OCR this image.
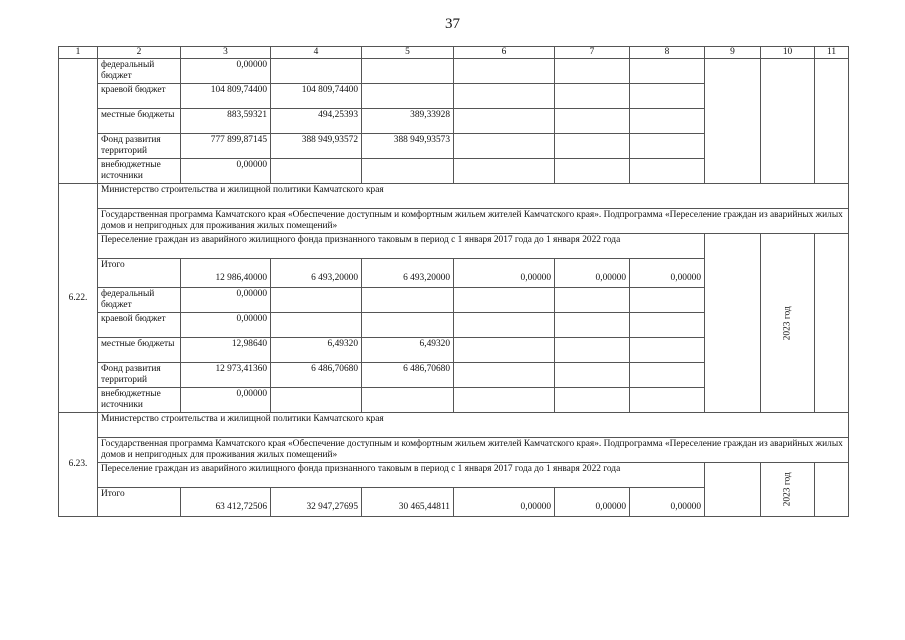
37
1	2	3	4	5	6	7	8	9	10	11
	федеральный бюджет	0,00000								
	краевой бюджет	104 809,74400	104 809,74400							
	местные бюджеты	883,59321	494,25393	389,33928						
	Фонд развития территорий	777 899,87145	388 949,93572	388 949,93573						
	внебюджетные источники	0,00000								
6.22.	Министерство строительства и жилищной политики Камчатского края									
	Государственная программа Камчатского края «Обеспечение доступным и комфортным жильем жителей Камчатского края». Подпрограмма «Переселение граждан из аварийных жилых домов и непригодных для проживания жилых помещений»									
	Переселение граждан из аварийного жилищного фонда признанного таковым в период с 1 января 2017 года до 1 января 2022 года								2023 год	
	Итого	12 986,40000	6 493,20000	6 493,20000	0,00000	0,00000	0,00000			
	федеральный бюджет	0,00000								
	краевой бюджет	0,00000								
	местные бюджеты	12,98640	6,49320	6,49320						
	Фонд развития территорий	12 973,41360	6 486,70680	6 486,70680						
	внебюджетные источники	0,00000								
6.23.	Министерство строительства и жилищной политики Камчатского края									
	Государственная программа Камчатского края «Обеспечение доступным и комфортным жильем жителей Камчатского края». Подпрограмма «Переселение граждан из аварийных жилых домов и непригодных для проживания жилых помещений»									
	Переселение граждан из аварийного жилищного фонда признанного таковым в период с 1 января 2017 года до 1 января 2022 года								2023 год	
	Итого	63 412,72506	32 947,27695	30 465,44811	0,00000	0,00000	0,00000			
